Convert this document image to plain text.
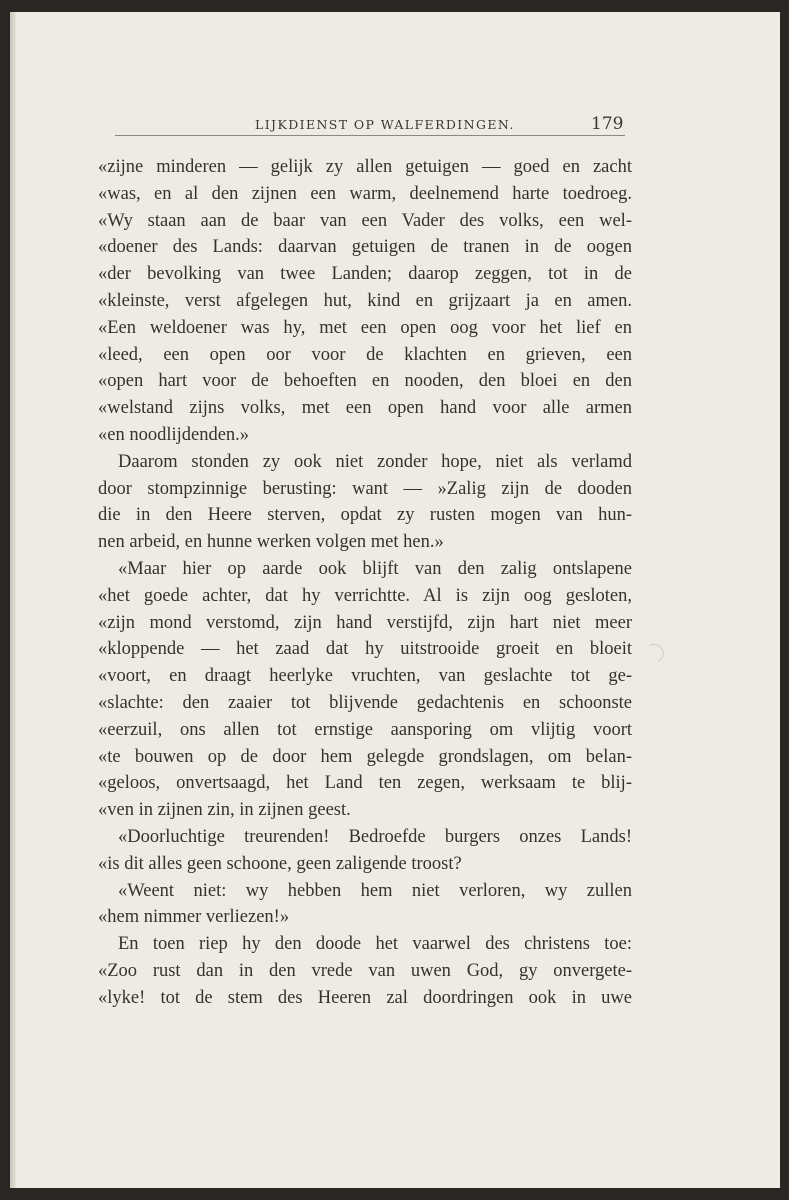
LIJKDIENST OP WALFERDINGEN.	179
«zijne minderen — gelijk zy allen getuigen — goed en zacht
«was, en al den zijnen een warm, deelnemend harte toedroeg.
«Wy staan aan de baar van een Vader des volks, een wel-
«doener des Lands: daarvan getuigen de tranen in de oogen
«der bevolking van twee Landen; daarop zeggen, tot in de
«kleinste, verst afgelegen hut, kind en grijzaart ja en amen.
«Een weldoener was hy, met een open oog voor het lief en
«leed, een open oor voor de klachten en grieven, een
«open hart voor de behoeften en nooden, den bloei en den
«welstand zijns volks, met een open hand voor alle armen
«en noodlijdenden.»
Daarom stonden zy ook niet zonder hope, niet als verlamd
door stompzinnige berusting: want — »Zalig zijn de dooden
die in den Heere sterven, opdat zy rusten mogen van hun-
nen arbeid, en hunne werken volgen met hen.»
«Maar hier op aarde ook blijft van den zalig ontslapene
«het goede achter, dat hy verrichtte. Al is zijn oog gesloten,
«zijn mond verstomd, zijn hand verstijfd, zijn hart niet meer
«kloppende — het zaad dat hy uitstrooide groeit en bloeit
«voort, en draagt heerlyke vruchten, van geslachte tot ge-
«slachte: den zaaier tot blijvende gedachtenis en schoonste
«eerzuil, ons allen tot ernstige aansporing om vlijtig voort
«te bouwen op de door hem gelegde grondslagen, om belan-
«geloos, onvertsaagd, het Land ten zegen, werksaam te blij-
«ven in zijnen zin, in zijnen geest.
«Doorluchtige treurenden! Bedroefde burgers onzes Lands!
«is dit alles geen schoone, geen zaligende troost?
«Weent niet: wy hebben hem niet verloren, wy zullen
«hem nimmer verliezen!»
En toen riep hy den doode het vaarwel des christens toe:
«Zoo rust dan in den vrede van uwen God, gy onvergete-
«lyke! tot de stem des Heeren zal doordringen ook in uwe
